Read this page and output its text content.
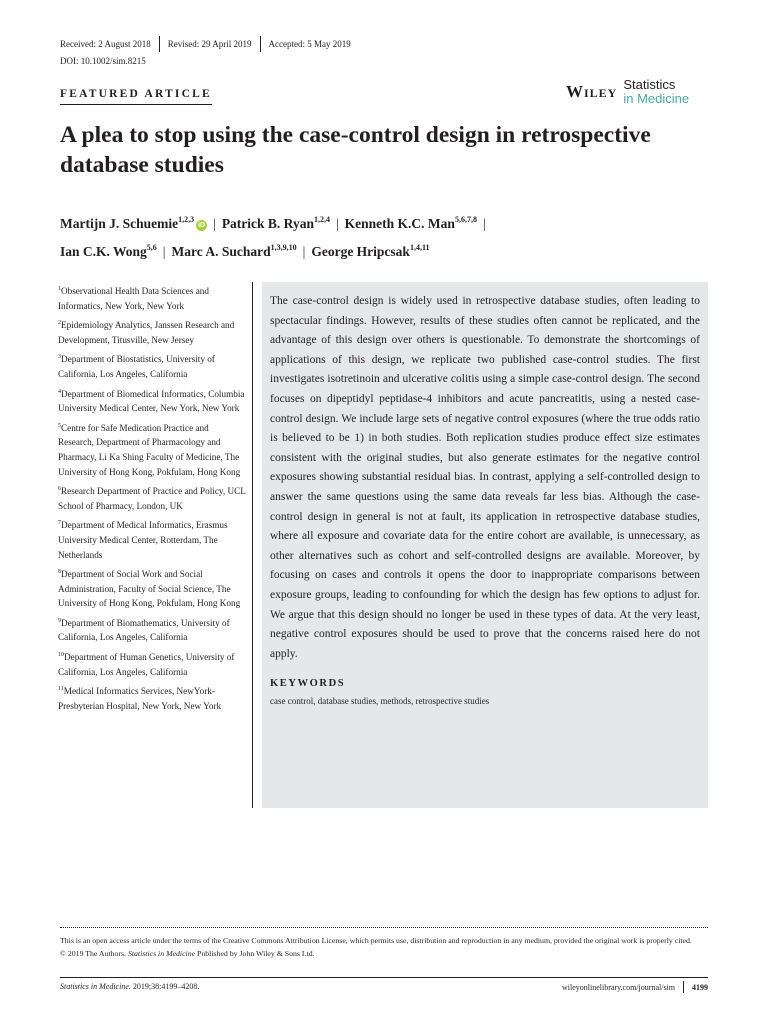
Received: 2 August 2018	Revised: 29 April 2019	Accepted: 5 May 2019
DOI: 10.1002/sim.8215
FEATURED ARTICLE	Wiley Statistics
in Medicine
A plea to stop using the case-control design in retrospective database studies
Martijn J. Schuemie$^{1,2,3}$iD | Patrick B. Ryan$^{1,2,4}$ | Kenneth K.C. Man$^{5,6,7,8}$ |
Ian C.K. Wong$^{5,6}$ | Marc A. Suchard$^{1,3,9,10}$ | George Hripcsak$^{1,4,11}$
$^1$Observational Health Data Sciences and Informatics, New York, New York
$^2$Epidemiology Analytics, Janssen Research and Development, Titusville, New Jersey
$^3$Department of Biostatistics, University of California, Los Angeles, California
$^4$Department of Biomedical Informatics, Columbia University Medical Center, New York, New York
$^5$Centre for Safe Medication Practice and Research, Department of Pharmacology and Pharmacy, Li Ka Shing Faculty of Medicine, The University of Hong Kong, Pokfulam, Hong Kong
$^6$Research Department of Practice and Policy, UCL School of Pharmacy, London, UK
$^7$Department of Medical Informatics, Erasmus University Medical Center, Rotterdam, The Netherlands
$^8$Department of Social Work and Social Administration, Faculty of Social Science, The University of Hong Kong, Pokfulam, Hong Kong
$^9$Department of Biomathematics, University of California, Los Angeles, California
$^{10}$Department of Human Genetics, University of California, Los Angeles, California
$^{11}$Medical Informatics Services, NewYork-Presbyterian Hospital, New York, New York

The case-control design is widely used in retrospective database studies, often leading to spectacular findings. However, results of these studies often cannot be replicated, and the advantage of this design over others is questionable. To demonstrate the shortcomings of applications of this design, we replicate two published case-control studies. The first investigates isotretinoin and ulcerative colitis using a simple case-control design. The second focuses on dipeptidyl peptidase-4 inhibitors and acute pancreatitis, using a nested case-control design. We include large sets of negative control exposures (where the true odds ratio is believed to be 1) in both studies. Both replication studies produce effect size estimates consistent with the original studies, but also generate estimates for the negative control exposures showing substantial residual bias. In contrast, applying a self-controlled design to answer the same questions using the same data reveals far less bias. Although the case-control design in general is not at fault, its application in retrospective database studies, where all exposure and covariate data for the entire cohort are available, is unnecessary, as other alternatives such as cohort and self-controlled designs are available. Moreover, by focusing on cases and controls it opens the door to inappropriate comparisons between exposure groups, leading to confounding for which the design has few options to adjust for. We argue that this design should no longer be used in these types of data. At the very least, negative control exposures should be used to prove that the concerns raised here do not apply.

KEYWORDS
case control, database studies, methods, retrospective studies
This is an open access article under the terms of the Creative Commons Attribution License, which permits use, distribution and reproduction in any medium, provided the original work is properly cited.
© 2019 The Authors. Statistics in Medicine Published by John Wiley & Sons Ltd.
Statistics in Medicine. 2019;38:4199–4208.	wileyonlinelibrary.com/journal/sim 4199
